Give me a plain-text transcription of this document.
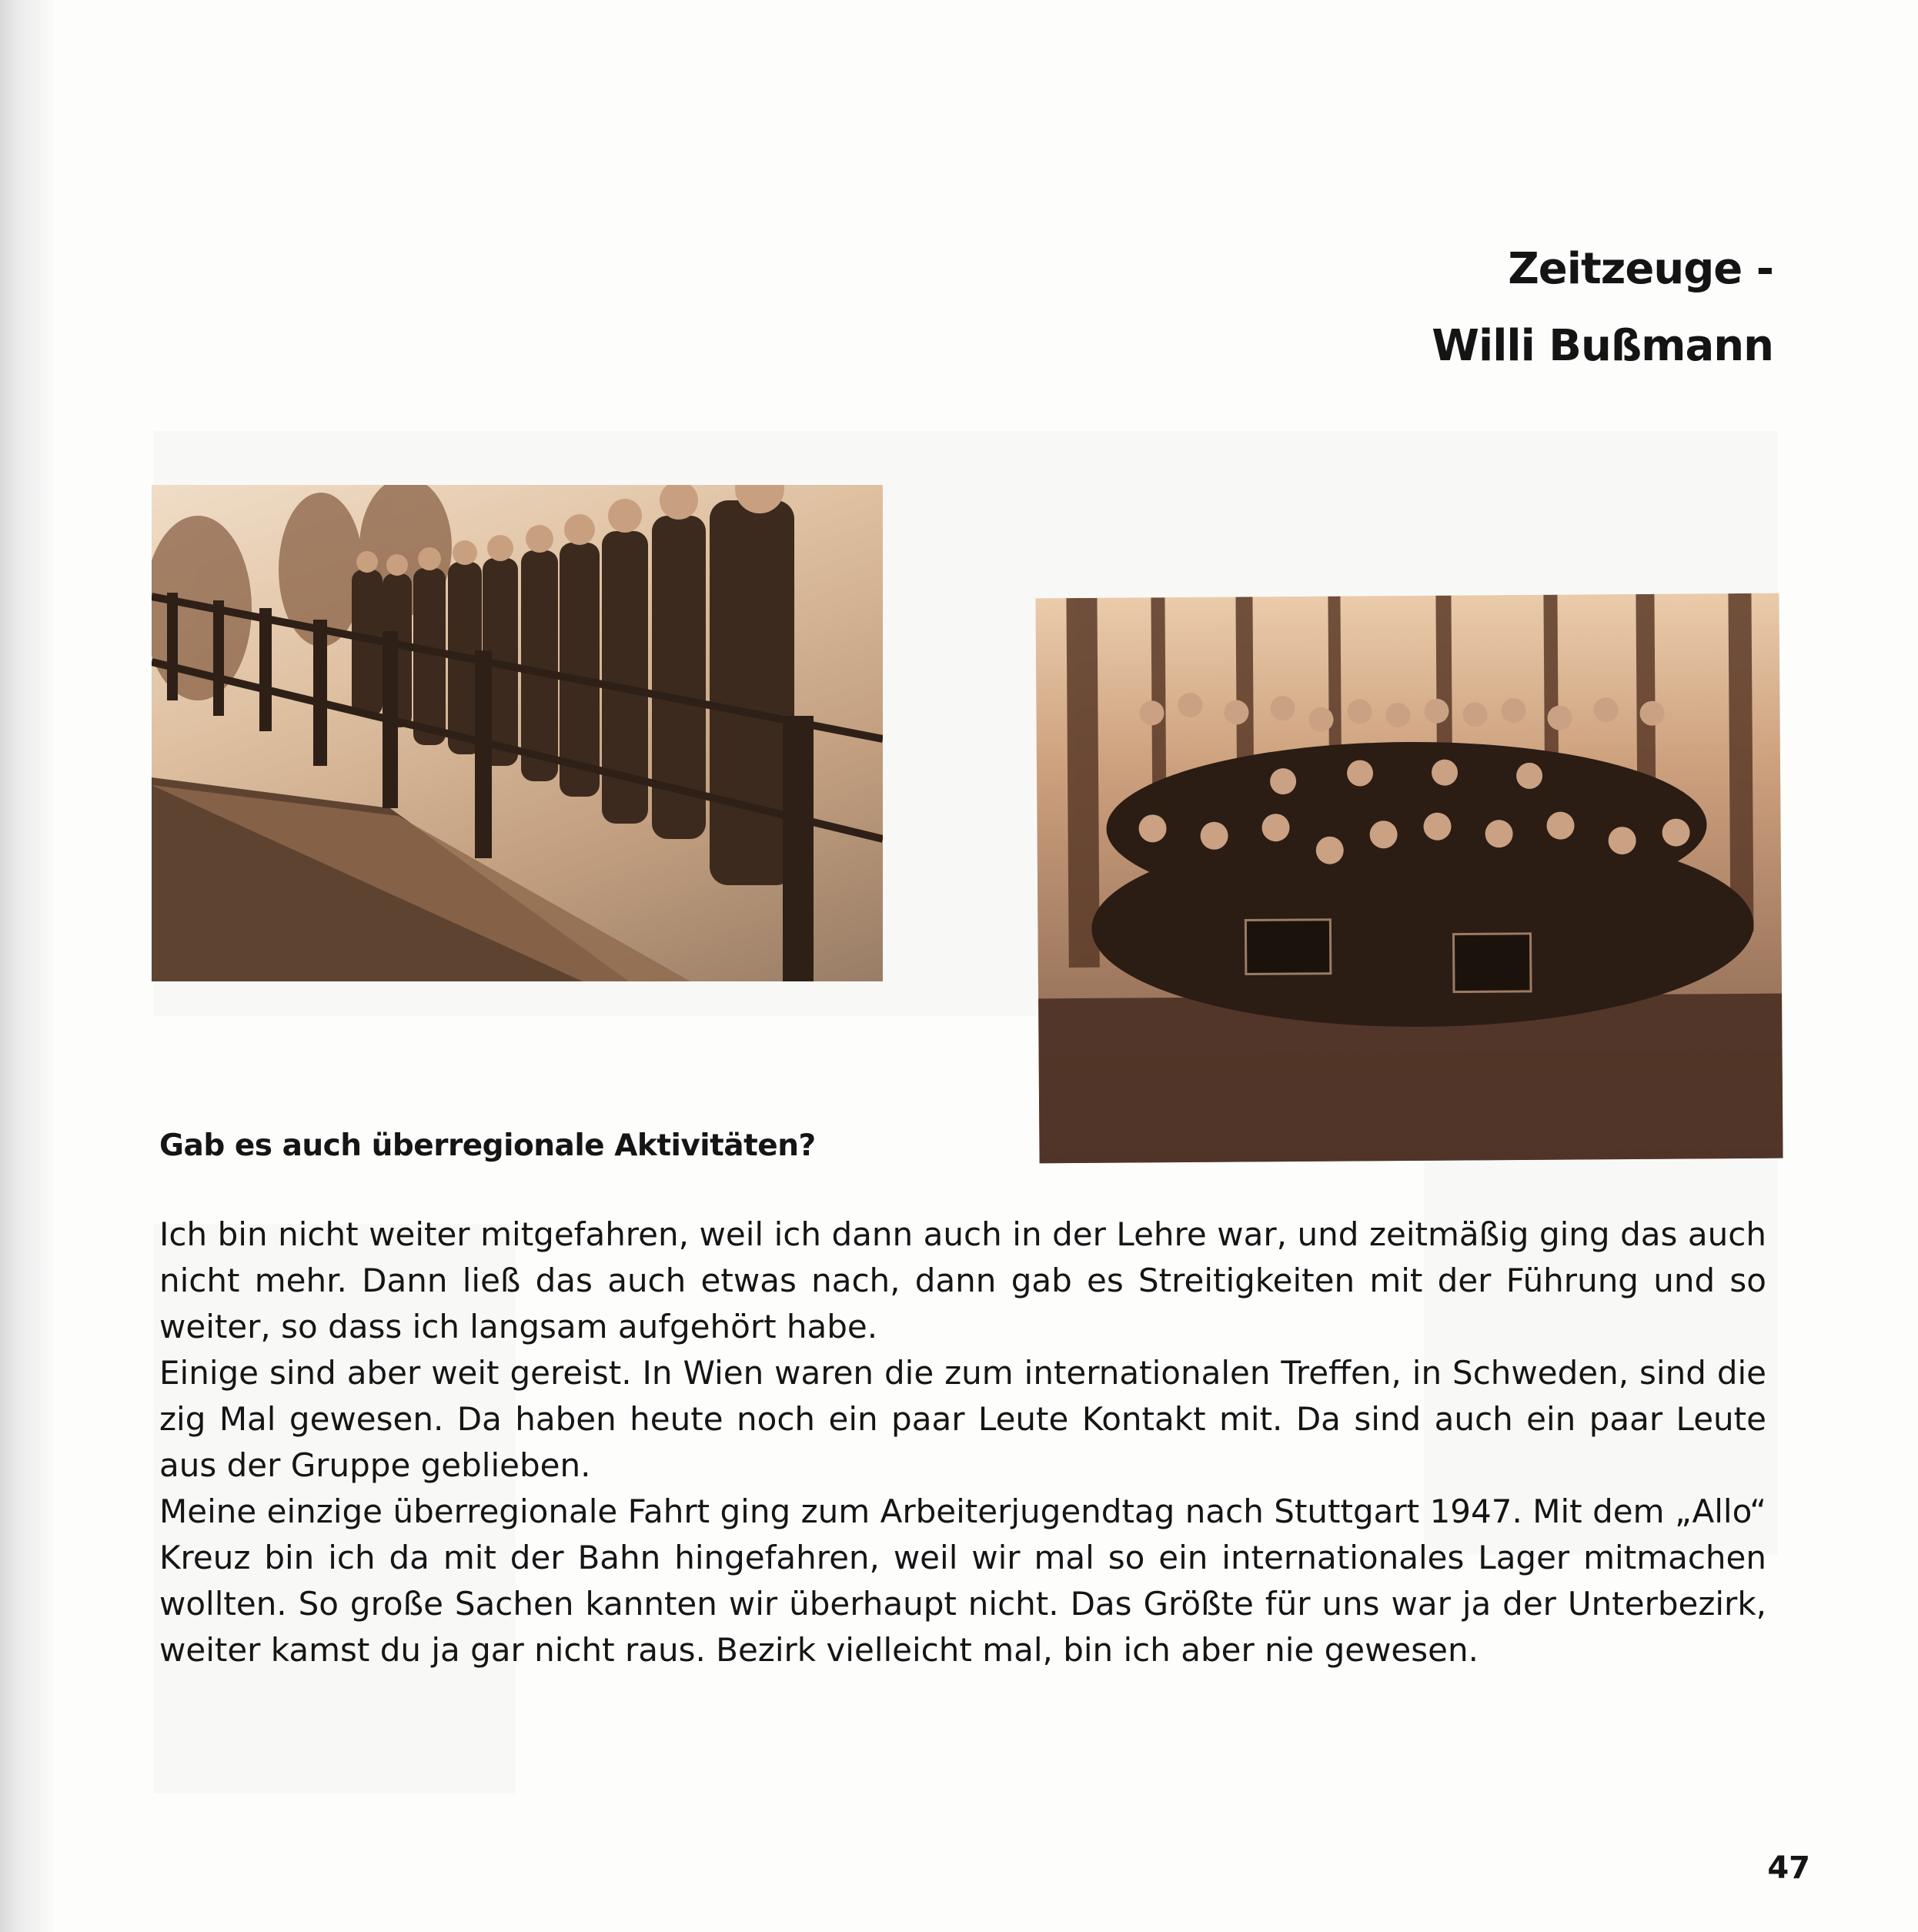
Zeitzeuge -
Willi Bußmann
Gab es auch überregionale Aktivitäten?

Ich bin nicht weiter mitgefahren, weil ich dann auch in der Lehre war, und zeitmäßig ging das auch nicht mehr. Dann ließ das auch etwas nach, dann gab es Streitigkeiten mit der Führung und so weiter, so dass ich langsam aufgehört habe.

Einige sind aber weit gereist. In Wien waren die zum internationalen Treffen, in Schweden, sind die zig Mal gewesen. Da haben heute noch ein paar Leute Kontakt mit. Da sind auch ein paar Leute aus der Gruppe geblieben.

Meine einzige überregionale Fahrt ging zum Arbeiterjugendtag nach Stuttgart 1947. Mit dem „Allo“ Kreuz bin ich da mit der Bahn hingefahren, weil wir mal so ein internationales Lager mitmachen wollten. So große Sachen kannten wir überhaupt nicht. Das Größte für uns war ja der Unterbezirk, weiter kamst du ja gar nicht raus. Bezirk vielleicht mal, bin ich aber nie gewesen.

47
